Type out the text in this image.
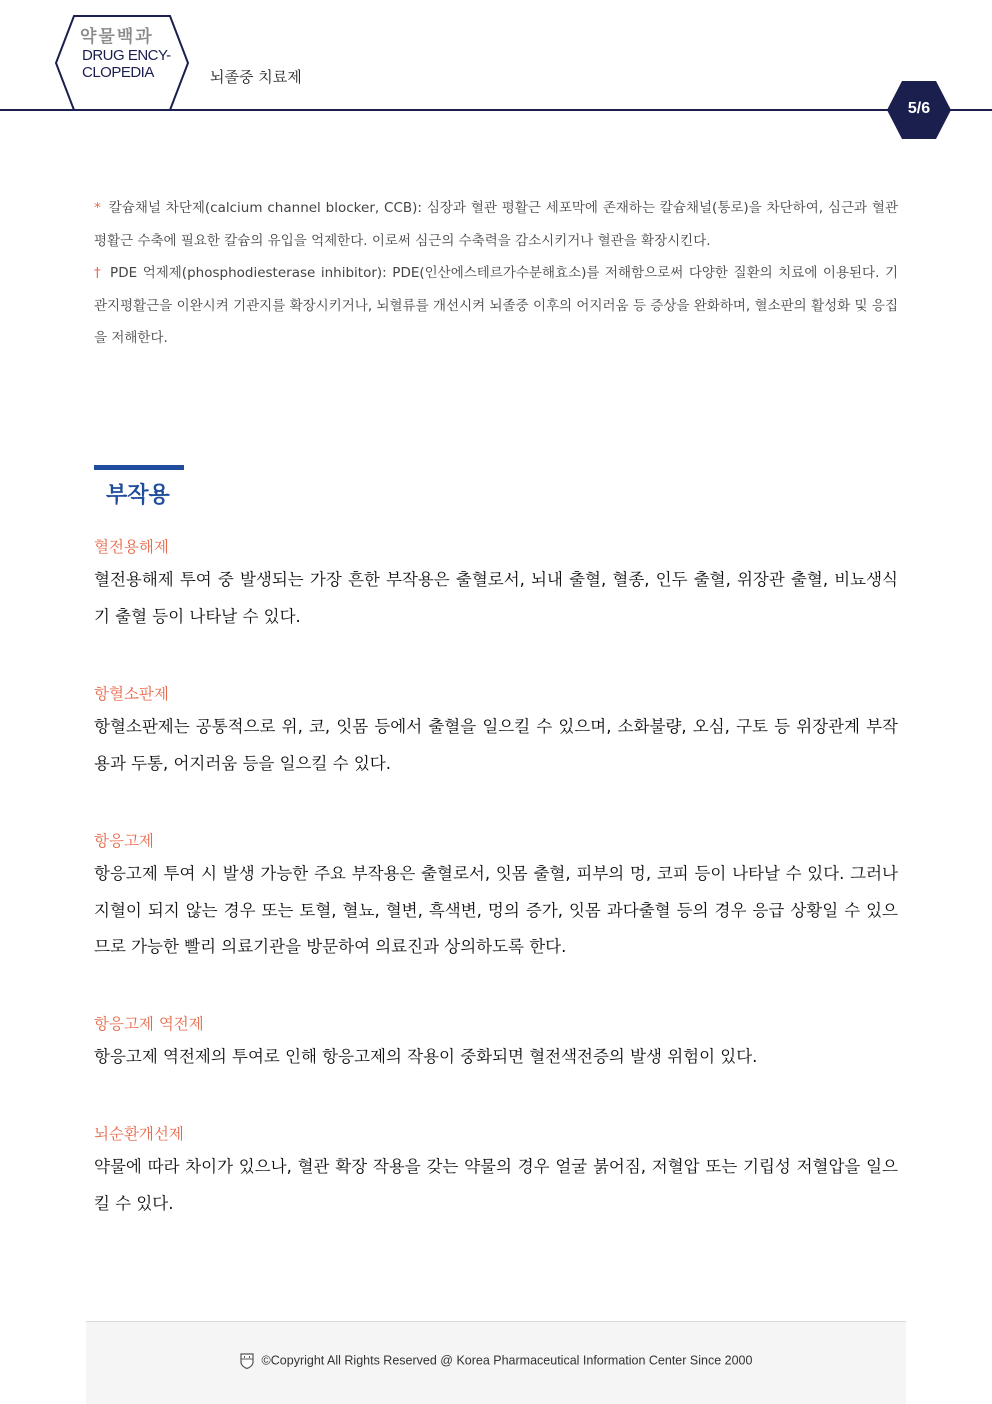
약물백과
DRUG ENCY-
CLOPEDIA	뇌졸중 치료제
5/6

* 칼슘채널 차단제(calcium channel blocker, CCB): 심장과 혈관 평활근 세포막에 존재하는 칼슘채널(통로)을 차단하여, 심근과 혈관 평활근 수축에 필요한 칼슘의 유입을 억제한다. 이로써 심근의 수축력을 감소시키거나 혈관을 확장시킨다.

† PDE 억제제(phosphodiesterase inhibitor): PDE(인산에스테르가수분해효소)를 저해함으로써 다양한 질환의 치료에 이용된다. 기관지평활근을 이완시켜 기관지를 확장시키거나, 뇌혈류를 개선시켜 뇌졸중 이후의 어지러움 등 증상을 완화하며, 혈소판의 활성화 및 응집을 저해한다.

부작용
혈전용해제

혈전용해제 투여 중 발생되는 가장 흔한 부작용은 출혈로서, 뇌내 출혈, 혈종, 인두 출혈, 위장관 출혈, 비뇨생식기 출혈 등이 나타날 수 있다.

항혈소판제

항혈소판제는 공통적으로 위, 코, 잇몸 등에서 출혈을 일으킬 수 있으며, 소화불량, 오심, 구토 등 위장관계 부작용과 두통, 어지러움 등을 일으킬 수 있다.

항응고제

항응고제 투여 시 발생 가능한 주요 부작용은 출혈로서, 잇몸 출혈, 피부의 멍, 코피 등이 나타날 수 있다. 그러나 지혈이 되지 않는 경우 또는 토혈, 혈뇨, 혈변, 흑색변, 멍의 증가, 잇몸 과다출혈 등의 경우 응급 상황일 수 있으므로 가능한 빨리 의료기관을 방문하여 의료진과 상의하도록 한다.

항응고제 역전제

항응고제 역전제의 투여로 인해 항응고제의 작용이 중화되면 혈전색전증의 발생 위험이 있다.

뇌순환개선제

약물에 따라 차이가 있으나, 혈관 확장 작용을 갖는 약물의 경우 얼굴 붉어짐, 저혈압 또는 기립성 저혈압을 일으킬 수 있다.

©Copyright All Rights Reserved @ Korea Pharmaceutical Information Center Since 2000
